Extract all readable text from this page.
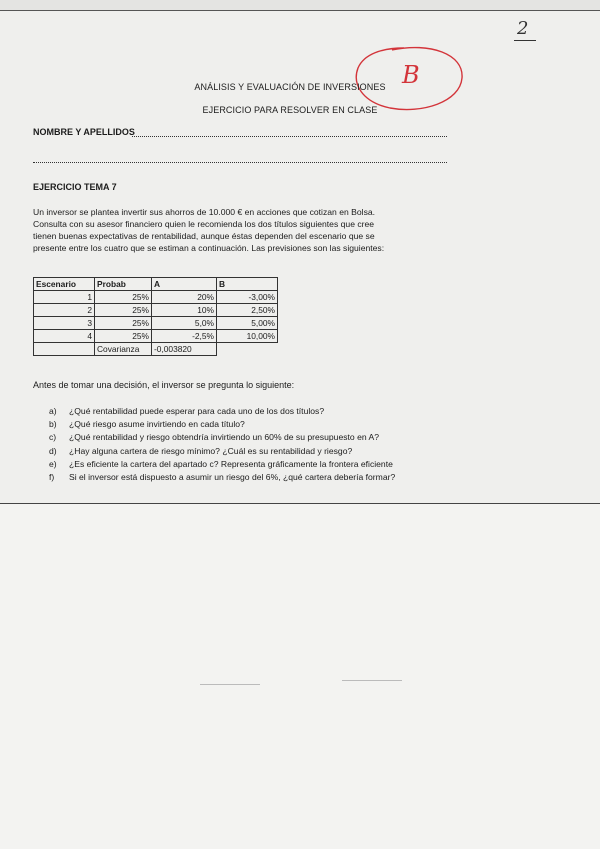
2
B
ANÁLISIS Y EVALUACIÓN DE INVERSIONES
EJERCICIO PARA RESOLVER EN CLASE
NOMBRE Y APELLIDOS
EJERCICIO TEMA 7
Un inversor se plantea invertir sus ahorros de 10.000 € en acciones que cotizan en Bolsa.
Consulta con su asesor financiero quien le recomienda los dos títulos siguientes que cree
tienen buenas expectativas de rentabilidad, aunque éstas dependen del escenario que se
presente entre los cuatro que se estiman a continuación. Las previsiones son las siguientes:
Escenario	Probab	A	B
1	25%	20%	-3,00%
2	25%	10%	2,50%
3	25%	5,0%	5,00%
4	25%	-2,5%	10,00%
	Covarianza	-0,003820	
Antes de tomar una decisión, el inversor se pregunta lo siguiente:
a)	¿Qué rentabilidad puede esperar para cada uno de los dos títulos?
b)	¿Qué riesgo asume invirtiendo en cada título?
c)	¿Qué rentabilidad y riesgo obtendría invirtiendo un 60% de su presupuesto en A?
d)	¿Hay alguna cartera de riesgo mínimo? ¿Cuál es su rentabilidad y riesgo?
e)	¿Es eficiente la cartera del apartado c? Representa gráficamente la frontera eficiente
f)	Si el inversor está dispuesto a asumir un riesgo del 6%, ¿qué cartera debería formar?
